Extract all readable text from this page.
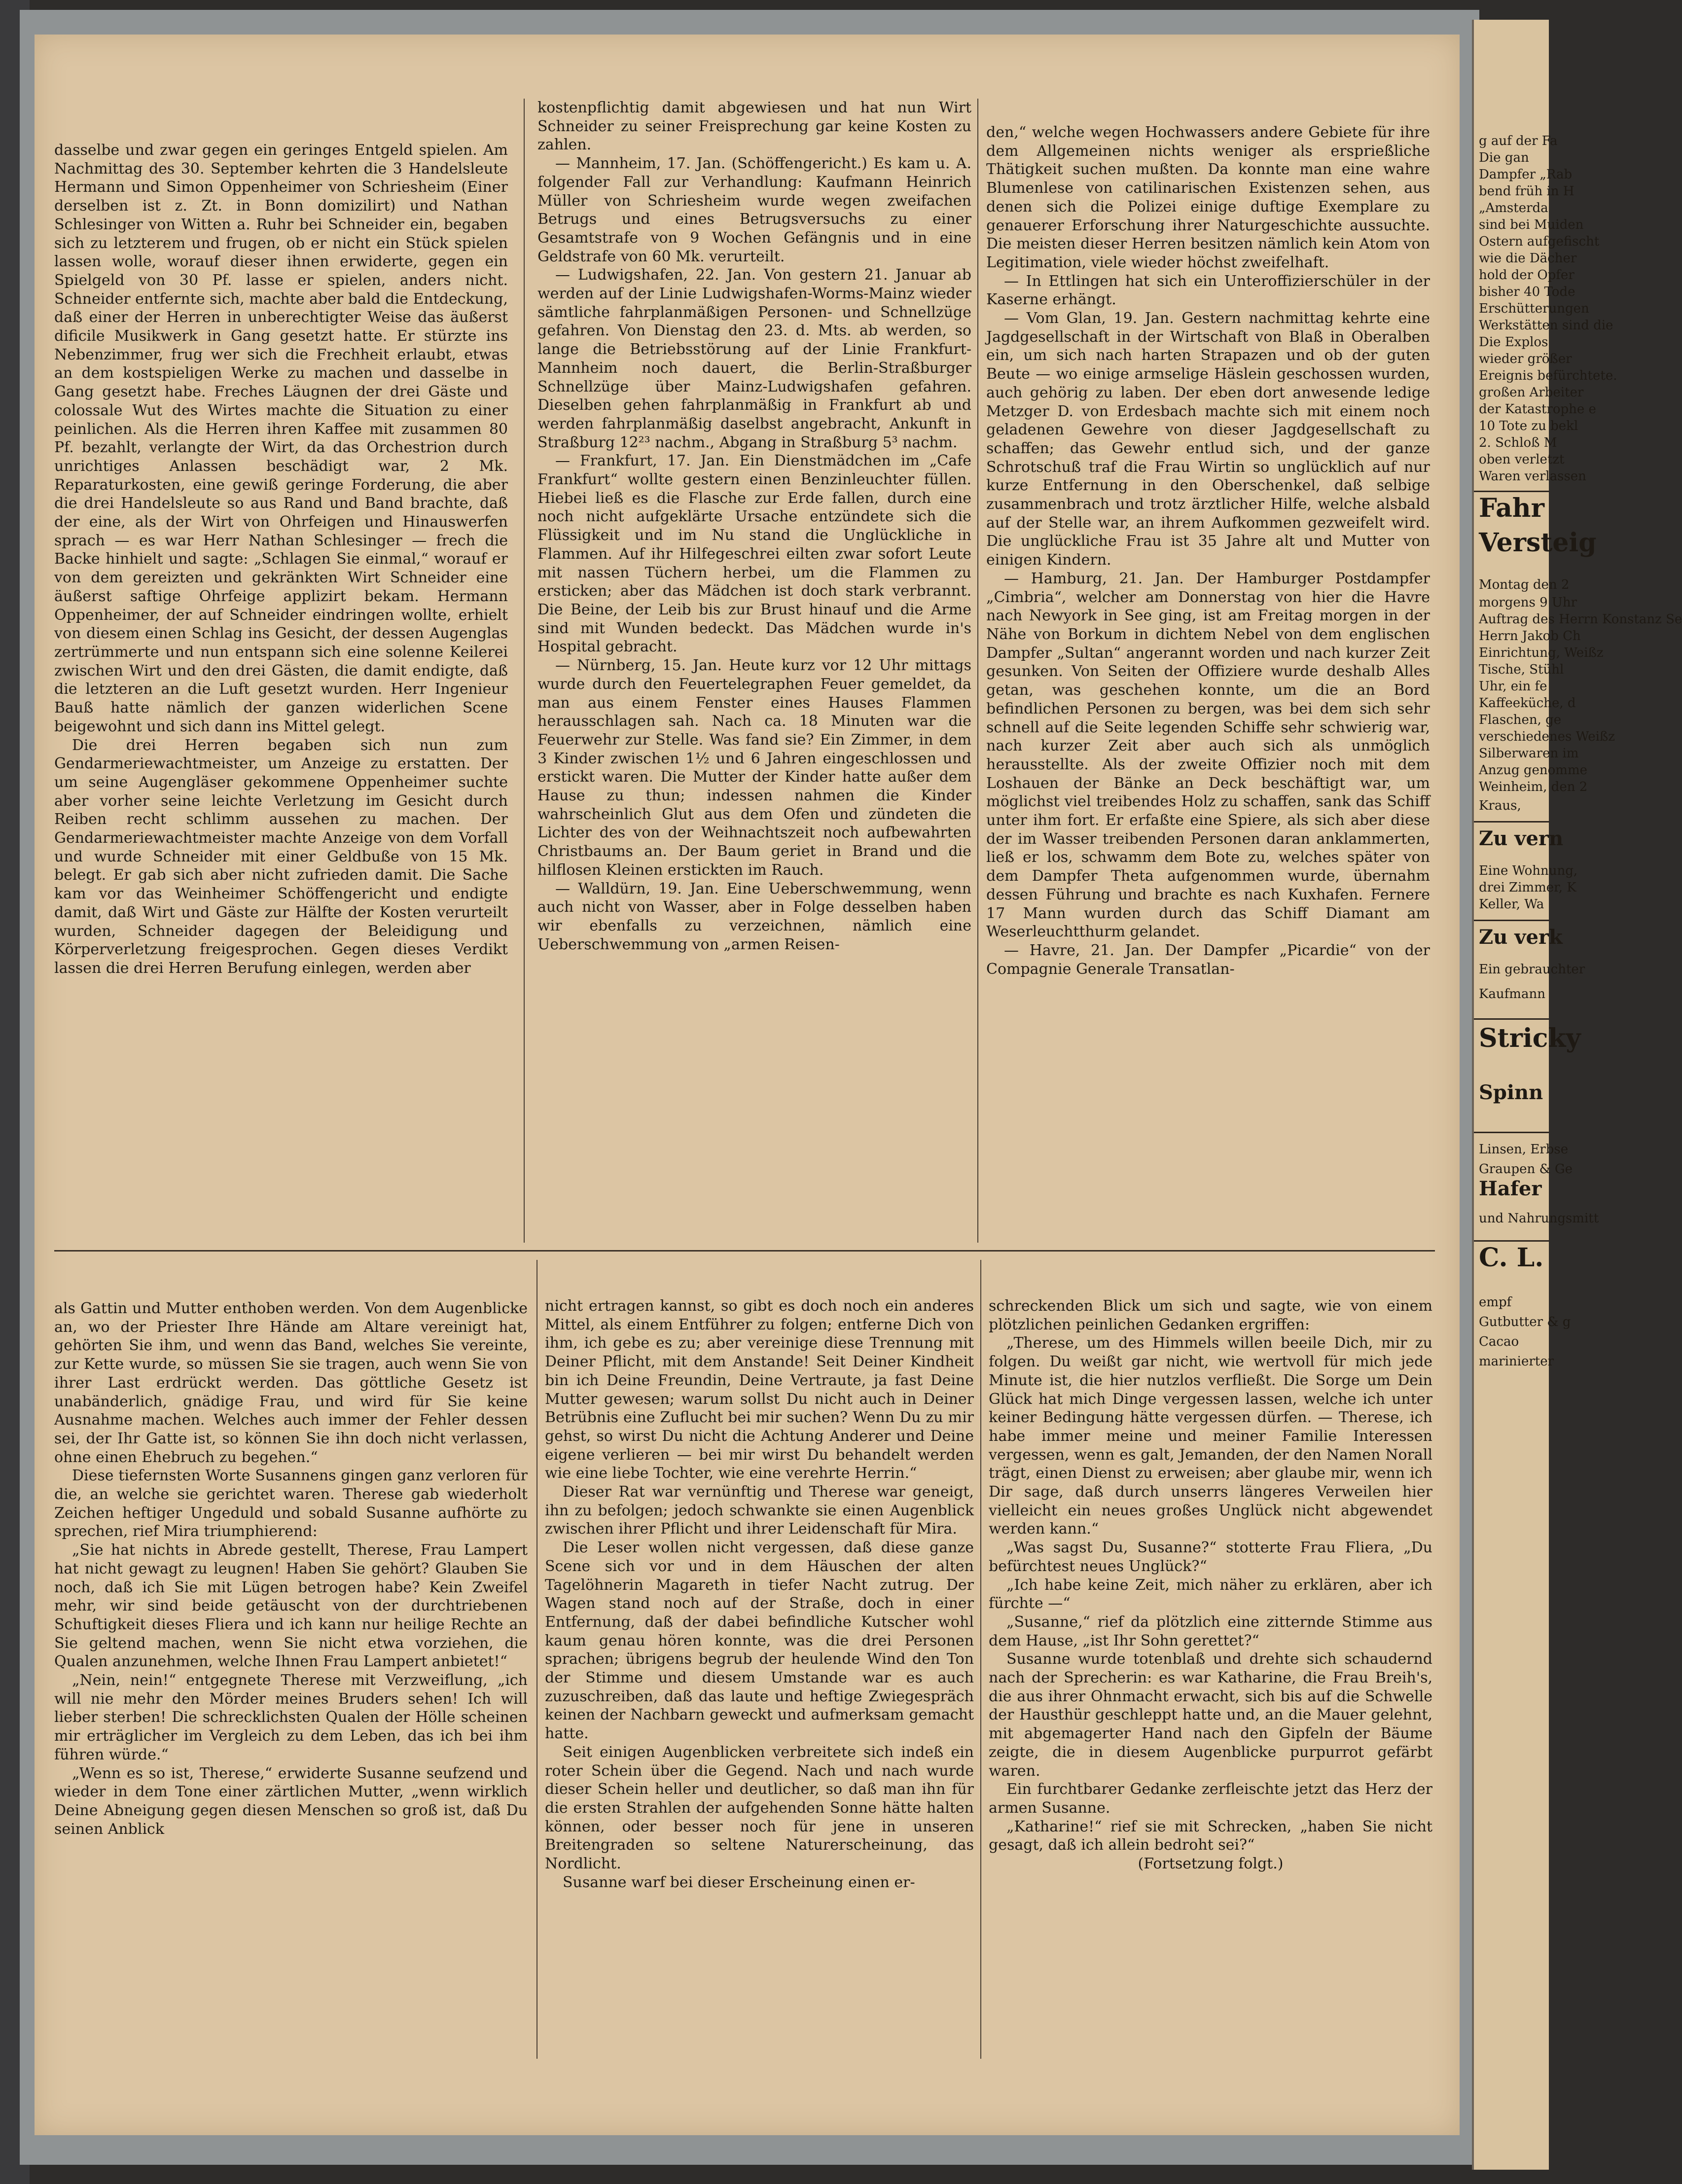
dasselbe und zwar gegen ein geringes Entgeld spielen. Am Nachmittag des 30. September kehrten die 3 Handelsleute Hermann und Simon Oppenheimer von Schriesheim (Einer derselben ist z. Zt. in Bonn domizilirt) und Nathan Schlesinger von Witten a. Ruhr bei Schneider ein, begaben sich zu letzterem und frugen, ob er nicht ein Stück spielen lassen wolle, worauf dieser ihnen erwiderte, gegen ein Spielgeld von 30 Pf. lasse er spielen, anders nicht. Schneider entfernte sich, machte aber bald die Entdeckung, daß einer der Herren in unberechtigter Weise das äußerst dificile Musikwerk in Gang gesetzt hatte. Er stürzte ins Nebenzimmer, frug wer sich die Frechheit erlaubt, etwas an dem kostspieligen Werke zu machen und dasselbe in Gang gesetzt habe. Freches Läugnen der drei Gäste und colossale Wut des Wirtes machte die Situation zu einer peinlichen. Als die Herren ihren Kaffee mit zusammen 80 Pf. bezahlt, verlangte der Wirt, da das Orchestrion durch unrichtiges Anlassen beschädigt war, 2 Mk. Reparaturkosten, eine gewiß geringe Forderung, die aber die drei Handelsleute so aus Rand und Band brachte, daß der eine, als der Wirt von Ohrfeigen und Hinauswerfen sprach — es war Herr Nathan Schlesinger — frech die Backe hinhielt und sagte: „Schlagen Sie einmal,“ worauf er von dem gereizten und gekränkten Wirt Schneider eine äußerst saftige Ohrfeige applizirt bekam. Hermann Oppenheimer, der auf Schneider eindringen wollte, erhielt von diesem einen Schlag ins Gesicht, der dessen Augenglas zertrümmerte und nun entspann sich eine solenne Keilerei zwischen Wirt und den drei Gästen, die damit endigte, daß die letzteren an die Luft gesetzt wurden. Herr Ingenieur Bauß hatte nämlich der ganzen widerlichen Scene beigewohnt und sich dann ins Mittel gelegt.

Die drei Herren begaben sich nun zum Gendarmeriewachtmeister, um Anzeige zu erstatten. Der um seine Augengläser gekommene Oppenheimer suchte aber vorher seine leichte Verletzung im Gesicht durch Reiben recht schlimm aussehen zu machen. Der Gendarmeriewachtmeister machte Anzeige von dem Vorfall und wurde Schneider mit einer Geldbuße von 15 Mk. belegt. Er gab sich aber nicht zufrieden damit. Die Sache kam vor das Weinheimer Schöffengericht und endigte damit, daß Wirt und Gäste zur Hälfte der Kosten verurteilt wurden, Schneider dagegen der Beleidigung und Körperverletzung freigesprochen. Gegen dieses Verdikt lassen die drei Herren Berufung einlegen, werden aber

kostenpflichtig damit abgewiesen und hat nun Wirt Schneider zu seiner Freisprechung gar keine Kosten zu zahlen.

— Mannheim, 17. Jan. (Schöffengericht.) Es kam u. A. folgender Fall zur Verhandlung: Kaufmann Heinrich Müller von Schriesheim wurde wegen zweifachen Betrugs und eines Betrugsversuchs zu einer Gesamtstrafe von 9 Wochen Gefängnis und in eine Geldstrafe von 60 Mk. verurteilt.

— Ludwigshafen, 22. Jan. Von gestern 21. Januar ab werden auf der Linie Ludwigshafen-Worms-Mainz wieder sämtliche fahrplanmäßigen Personen- und Schnellzüge gefahren. Von Dienstag den 23. d. Mts. ab werden, so lange die Betriebsstörung auf der Linie Frankfurt-Mannheim noch dauert, die Berlin-Straßburger Schnellzüge über Mainz-Ludwigshafen gefahren. Dieselben gehen fahrplanmäßig in Frankfurt ab und werden fahrplanmäßig daselbst angebracht, Ankunft in Straßburg 12²³ nachm., Abgang in Straßburg 5³ nachm.

— Frankfurt, 17. Jan. Ein Dienstmädchen im „Cafe Frankfurt“ wollte gestern einen Benzinleuchter füllen. Hiebei ließ es die Flasche zur Erde fallen, durch eine noch nicht aufgeklärte Ursache entzündete sich die Flüssigkeit und im Nu stand die Unglückliche in Flammen. Auf ihr Hilfegeschrei eilten zwar sofort Leute mit nassen Tüchern herbei, um die Flammen zu ersticken; aber das Mädchen ist doch stark verbrannt. Die Beine, der Leib bis zur Brust hinauf und die Arme sind mit Wunden bedeckt. Das Mädchen wurde in's Hospital gebracht.

— Nürnberg, 15. Jan. Heute kurz vor 12 Uhr mittags wurde durch den Feuertelegraphen Feuer gemeldet, da man aus einem Fenster eines Hauses Flammen herausschlagen sah. Nach ca. 18 Minuten war die Feuerwehr zur Stelle. Was fand sie? Ein Zimmer, in dem 3 Kinder zwischen 1½ und 6 Jahren eingeschlossen und erstickt waren. Die Mutter der Kinder hatte außer dem Hause zu thun; indessen nahmen die Kinder wahrscheinlich Glut aus dem Ofen und zündeten die Lichter des von der Weihnachtszeit noch aufbewahrten Christbaums an. Der Baum geriet in Brand und die hilflosen Kleinen erstickten im Rauch.

— Walldürn, 19. Jan. Eine Ueberschwemmung, wenn auch nicht von Wasser, aber in Folge desselben haben wir ebenfalls zu verzeichnen, nämlich eine Ueberschwemmung von „armen Reisen-

den,“ welche wegen Hochwassers andere Gebiete für ihre dem Allgemeinen nichts weniger als ersprießliche Thätigkeit suchen mußten. Da konnte man eine wahre Blumenlese von catilinarischen Existenzen sehen, aus denen sich die Polizei einige duftige Exemplare zu genauerer Erforschung ihrer Naturgeschichte aussuchte. Die meisten dieser Herren besitzen nämlich kein Atom von Legitimation, viele wieder höchst zweifelhaft.

— In Ettlingen hat sich ein Unteroffizierschüler in der Kaserne erhängt.

— Vom Glan, 19. Jan. Gestern nachmittag kehrte eine Jagdgesellschaft in der Wirtschaft von Blaß in Oberalben ein, um sich nach harten Strapazen und ob der guten Beute — wo einige armselige Häslein geschossen wurden, auch gehörig zu laben. Der eben dort anwesende ledige Metzger D. von Erdesbach machte sich mit einem noch geladenen Gewehre von dieser Jagdgesellschaft zu schaffen; das Gewehr entlud sich, und der ganze Schrotschuß traf die Frau Wirtin so unglücklich auf nur kurze Entfernung in den Oberschenkel, daß selbige zusammenbrach und trotz ärztlicher Hilfe, welche alsbald auf der Stelle war, an ihrem Aufkommen gezweifelt wird. Die unglückliche Frau ist 35 Jahre alt und Mutter von einigen Kindern.

— Hamburg, 21. Jan. Der Hamburger Postdampfer „Cimbria“, welcher am Donnerstag von hier die Havre nach Newyork in See ging, ist am Freitag morgen in der Nähe von Borkum in dichtem Nebel von dem englischen Dampfer „Sultan“ angerannt worden und nach kurzer Zeit gesunken. Von Seiten der Offiziere wurde deshalb Alles getan, was geschehen konnte, um die an Bord befindlichen Personen zu bergen, was bei dem sich sehr schnell auf die Seite legenden Schiffe sehr schwierig war, nach kurzer Zeit aber auch sich als unmöglich herausstellte. Als der zweite Offizier noch mit dem Loshauen der Bänke an Deck beschäftigt war, um möglichst viel treibendes Holz zu schaffen, sank das Schiff unter ihm fort. Er erfaßte eine Spiere, als sich aber diese der im Wasser treibenden Personen daran anklammerten, ließ er los, schwamm dem Bote zu, welches später von dem Dampfer Theta aufgenommen wurde, übernahm dessen Führung und brachte es nach Kuxhafen. Fernere 17 Mann wurden durch das Schiff Diamant am Weserleuchtthurm gelandet.

— Havre, 21. Jan. Der Dampfer „Picardie“ von der Compagnie Generale Transatlan-

als Gattin und Mutter enthoben werden. Von dem Augenblicke an, wo der Priester Ihre Hände am Altare vereinigt hat, gehörten Sie ihm, und wenn das Band, welches Sie vereinte, zur Kette wurde, so müssen Sie sie tragen, auch wenn Sie von ihrer Last erdrückt werden. Das göttliche Gesetz ist unabänderlich, gnädige Frau, und wird für Sie keine Ausnahme machen. Welches auch immer der Fehler dessen sei, der Ihr Gatte ist, so können Sie ihn doch nicht verlassen, ohne einen Ehebruch zu begehen.“

Diese tiefernsten Worte Susannens gingen ganz verloren für die, an welche sie gerichtet waren. Therese gab wiederholt Zeichen heftiger Ungeduld und sobald Susanne aufhörte zu sprechen, rief Mira triumphierend:

„Sie hat nichts in Abrede gestellt, Therese, Frau Lampert hat nicht gewagt zu leugnen! Haben Sie gehört? Glauben Sie noch, daß ich Sie mit Lügen betrogen habe? Kein Zweifel mehr, wir sind beide getäuscht von der durchtriebenen Schuftigkeit dieses Fliera und ich kann nur heilige Rechte an Sie geltend machen, wenn Sie nicht etwa vorziehen, die Qualen anzunehmen, welche Ihnen Frau Lampert anbietet!“

„Nein, nein!“ entgegnete Therese mit Verzweiflung, „ich will nie mehr den Mörder meines Bruders sehen! Ich will lieber sterben! Die schrecklichsten Qualen der Hölle scheinen mir erträglicher im Vergleich zu dem Leben, das ich bei ihm führen würde.“

„Wenn es so ist, Therese,“ erwiderte Susanne seufzend und wieder in dem Tone einer zärtlichen Mutter, „wenn wirklich Deine Abneigung gegen diesen Menschen so groß ist, daß Du seinen Anblick

nicht ertragen kannst, so gibt es doch noch ein anderes Mittel, als einem Entführer zu folgen; entferne Dich von ihm, ich gebe es zu; aber vereinige diese Trennung mit Deiner Pflicht, mit dem Anstande! Seit Deiner Kindheit bin ich Deine Freundin, Deine Vertraute, ja fast Deine Mutter gewesen; warum sollst Du nicht auch in Deiner Betrübnis eine Zuflucht bei mir suchen? Wenn Du zu mir gehst, so wirst Du nicht die Achtung Anderer und Deine eigene verlieren — bei mir wirst Du behandelt werden wie eine liebe Tochter, wie eine verehrte Herrin.“

Dieser Rat war vernünftig und Therese war geneigt, ihn zu befolgen; jedoch schwankte sie einen Augenblick zwischen ihrer Pflicht und ihrer Leidenschaft für Mira.

Die Leser wollen nicht vergessen, daß diese ganze Scene sich vor und in dem Häuschen der alten Tagelöhnerin Magareth in tiefer Nacht zutrug. Der Wagen stand noch auf der Straße, doch in einer Entfernung, daß der dabei befindliche Kutscher wohl kaum genau hören konnte, was die drei Personen sprachen; übrigens begrub der heulende Wind den Ton der Stimme und diesem Umstande war es auch zuzuschreiben, daß das laute und heftige Zwiegespräch keinen der Nachbarn geweckt und aufmerksam gemacht hatte.

Seit einigen Augenblicken verbreitete sich indeß ein roter Schein über die Gegend. Nach und nach wurde dieser Schein heller und deutlicher, so daß man ihn für die ersten Strahlen der aufgehenden Sonne hätte halten können, oder besser noch für jene in unseren Breitengraden so seltene Naturerscheinung, das Nordlicht.

Susanne warf bei dieser Erscheinung einen er-

schreckenden Blick um sich und sagte, wie von einem plötzlichen peinlichen Gedanken ergriffen:

„Therese, um des Himmels willen beeile Dich, mir zu folgen. Du weißt gar nicht, wie wertvoll für mich jede Minute ist, die hier nutzlos verfließt. Die Sorge um Dein Glück hat mich Dinge vergessen lassen, welche ich unter keiner Bedingung hätte vergessen dürfen. — Therese, ich habe immer meine und meiner Familie Interessen vergessen, wenn es galt, Jemanden, der den Namen Norall trägt, einen Dienst zu erweisen; aber glaube mir, wenn ich Dir sage, daß durch unserrs längeres Verweilen hier vielleicht ein neues großes Unglück nicht abgewendet werden kann.“

„Was sagst Du, Susanne?“ stotterte Frau Fliera, „Du befürchtest neues Unglück?“

„Ich habe keine Zeit, mich näher zu erklären, aber ich fürchte —“

„Susanne,“ rief da plötzlich eine zitternde Stimme aus dem Hause, „ist Ihr Sohn gerettet?“

Susanne wurde totenblaß und drehte sich schaudernd nach der Sprecherin: es war Katharine, die Frau Breih's, die aus ihrer Ohnmacht erwacht, sich bis auf die Schwelle der Hausthür geschleppt hatte und, an die Mauer gelehnt, mit abgemagerter Hand nach den Gipfeln der Bäume zeigte, die in diesem Augenblicke purpurrot gefärbt waren.

Ein furchtbarer Gedanke zerfleischte jetzt das Herz der armen Susanne.

„Katharine!“ rief sie mit Schrecken, „haben Sie nicht gesagt, daß ich allein bedroht sei?“

(Fortsetzung folgt.)

g auf der Fa
Die gan
Dampfer „Rab
bend früh in H
„Amsterda
sind bei Muiden
Ostern aufgefischt
wie die Dächer
hold der Opfer
bisher 40 Tode
Erschütterungen
Werkstätten sind die
Die Explos
wieder größer
Ereignis befürchtete.
großen Arbeiter
der Katastrophe e
10 Tote zu bekl
2. Schloß M
oben verletzt
Waren verlassen
Fahr
Versteig
Montag den 2
morgens 9 Uhr
Auftrag des Herrn Konstanz Se
Herrn Jakob Ch
Einrichtung, Weißz
Tische, Stühl
Uhr, ein fe
Kaffeeküche, d
Flaschen, ge
verschiedenes Weißz
Silberwaren im
Anzug genomme
Weinheim, den 2
Kraus,
Zu vern
Eine Wohnung,
drei Zimmer, K
Keller, Wa
Zu verk
Ein gebrauchter
Kaufmann
Stricky
Spinn
Linsen, Erbse
Graupen & Ge
Hafer
und Nahrungsmitt
C. L.
empf
Gutbutter & g
Cacao
marinierter
